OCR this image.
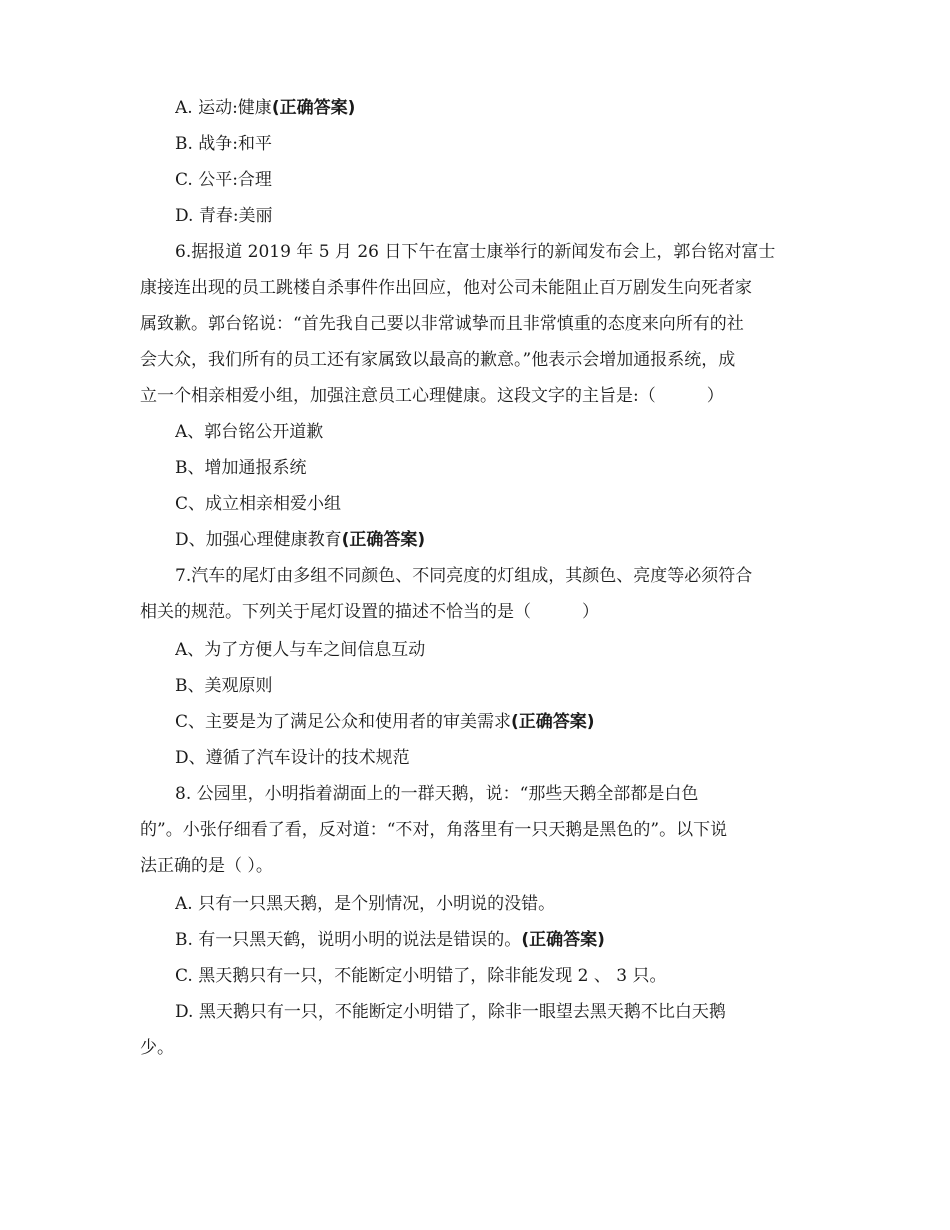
A. 运动:健康(正确答案)
B. 战争:和平
C. 公平:合理
D. 青春:美丽
6.据报道 2019 年 5 月 26 日下午在富士康举行的新闻发布会上，郭台铭对富士
康接连出现的员工跳楼自杀事件作出回应，他对公司未能阻止百万剧发生向死者家
属致歉。郭台铭说：“首先我自己要以非常诚挚而且非常慎重的态度来向所有的社
会大众，我们所有的员工还有家属致以最高的歉意。”他表示会增加通报系统，成
立一个相亲相爱小组，加强注意员工心理健康。这段文字的主旨是:（　　　）
A、郭台铭公开道歉
B、增加通报系统
C、成立相亲相爱小组
D、加强心理健康教育(正确答案)
7.汽车的尾灯由多组不同颜色、不同亮度的灯组成，其颜色、亮度等必须符合
相关的规范。下列关于尾灯设置的描述不恰当的是（　　　）
A、为了方便人与车之间信息互动
B、美观原则
C、主要是为了满足公众和使用者的审美需求(正确答案)
D、遵循了汽车设计的技术规范
8. 公园里，小明指着湖面上的一群天鹅，说：“那些天鹅全部都是白色
的”。小张仔细看了看，反对道：“不对，角落里有一只天鹅是黑色的”。以下说
法正确的是（ ）。
A. 只有一只黑天鹅，是个别情况，小明说的没错。
B. 有一只黑天鹤，说明小明的说法是错误的。(正确答案)
C. 黑天鹅只有一只，不能断定小明错了，除非能发现 2 、 3 只。
D. 黑天鹅只有一只，不能断定小明错了，除非一眼望去黑天鹅不比白天鹅
少。
